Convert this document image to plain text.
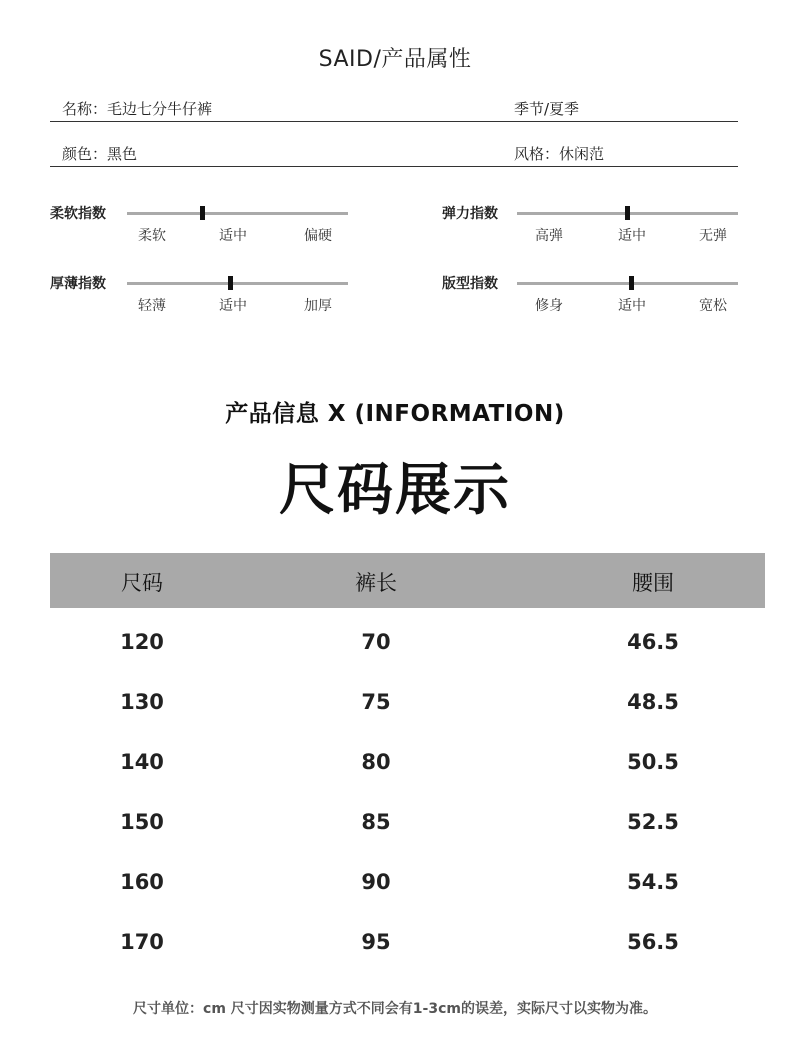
SAID/产品属性
名称：毛边七分牛仔裤	季节/夏季
颜色：黑色	风格：休闲范
柔软指数
柔软	适中	偏硬
弹力指数
高弹	适中	无弹
厚薄指数
轻薄	适中	加厚
版型指数
修身	适中	宽松
产品信息 X (INFORMATION)
尺码展示
尺码	裤长	腰围
120	70	46.5
130	75	48.5
140	80	50.5
150	85	52.5
160	90	54.5
170	95	56.5
尺寸单位：cm 尺寸因实物测量方式不同会有1-3cm的误差，实际尺寸以实物为准。
